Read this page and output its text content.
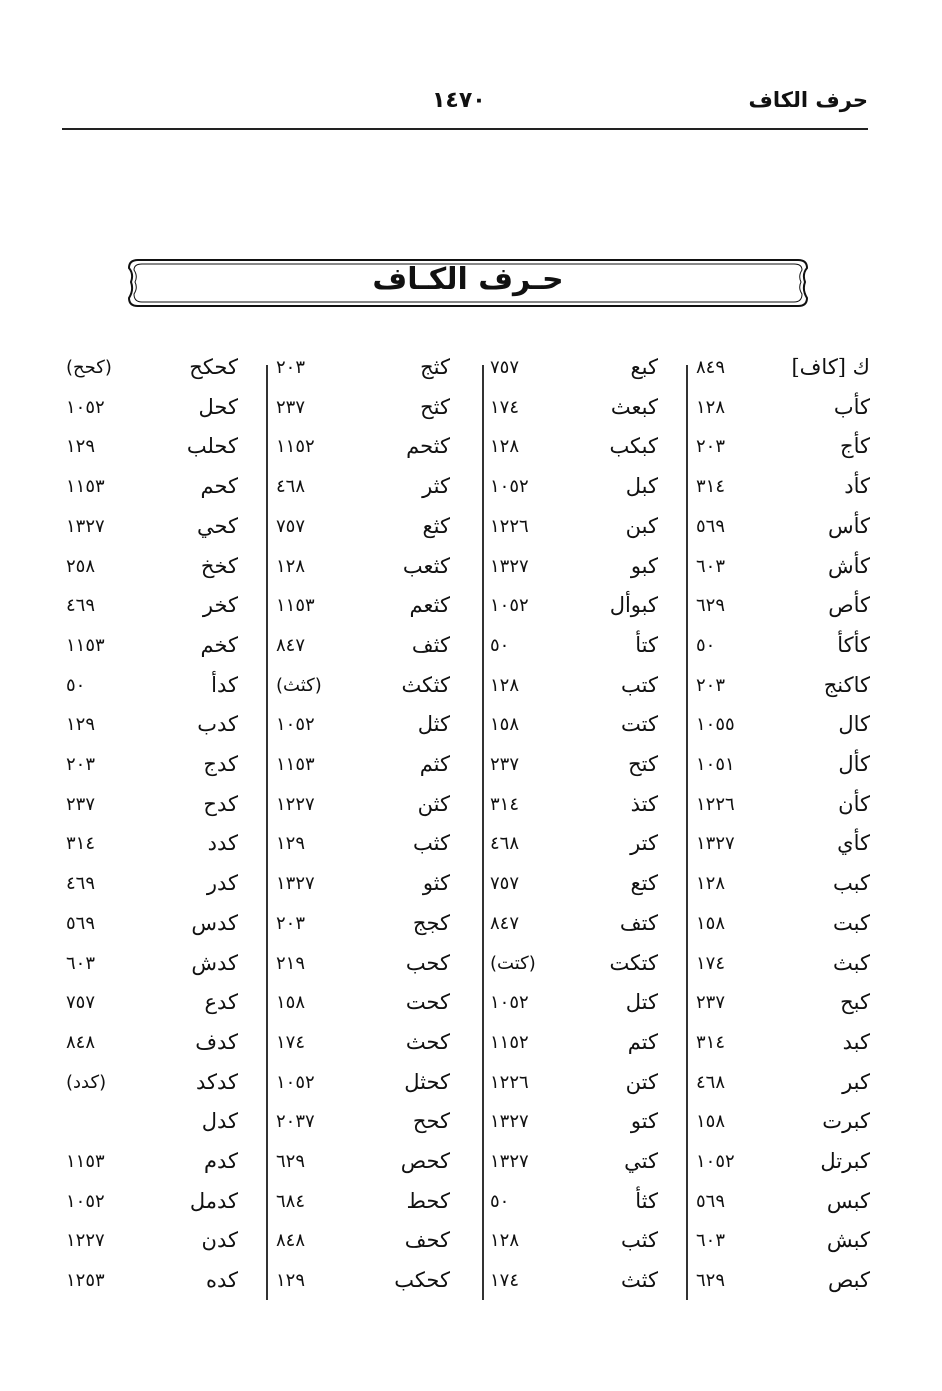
حرف الكاف
١٤٧٠
حـرف الكـاف
ك [كاف]
٨٤٩
كأب
١٢٨
كأج
٢٠٣
كأد
٣١٤
كأس
٥٦٩
كأش
٦٠٣
كأص
٦٢٩
كأكأ
٥٠
كاكنج
٢٠٣
كال
١٠٥٥
كأل
١٠٥١
كأن
١٢٢٦
كأي
١٣٢٧
كبب
١٢٨
كبت
١٥٨
كبث
١٧٤
كبح
٢٣٧
كبد
٣١٤
كبر
٤٦٨
كبرت
١٥٨
كبرتل
١٠٥٢
كبس
٥٦٩
كبش
٦٠٣
كبص
٦٢٩
كبع
٧٥٧
كبعث
١٧٤
كبكب
١٢٨
كبل
١٠٥٢
كبن
١٢٢٦
كبو
١٣٢٧
كبوأل
١٠٥٢
كتأ
٥٠
كتب
١٢٨
كتت
١٥٨
كتح
٢٣٧
كتذ
٣١٤
كتر
٤٦٨
كتع
٧٥٧
كتف
٨٤٧
كتكت
(كتت)
كتل
١٠٥٢
كتم
١١٥٢
كتن
١٢٢٦
كتو
١٣٢٧
كتي
١٣٢٧
كثأ
٥٠
كثب
١٢٨
كثث
١٧٤
كثج
٢٠٣
كثح
٢٣٧
كثحم
١١٥٢
كثر
٤٦٨
كثع
٧٥٧
كثعب
١٢٨
كثعم
١١٥٣
كثف
٨٤٧
كثكث
(كثث)
كثل
١٠٥٢
كثم
١١٥٣
كثن
١٢٢٧
كثب
١٢٩
كثو
١٣٢٧
كجج
٢٠٣
كحب
٢١٩
كحت
١٥٨
كحث
١٧٤
كحثل
١٠٥٢
كحح
٢٠٣٧
كحص
٦٢٩
كحط
٦٨٤
كحف
٨٤٨
كحكب
١٢٩
كحكح
(كحح)
كحل
١٠٥٢
كحلب
١٢٩
كحم
١١٥٣
كحي
١٣٢٧
كخخ
٢٥٨
كخر
٤٦٩
كخم
١١٥٣
كدأ
٥٠
كدب
١٢٩
كدج
٢٠٣
كدح
٢٣٧
كدد
٣١٤
كدر
٤٦٩
كدس
٥٦٩
كدش
٦٠٣
كدع
٧٥٧
كدف
٨٤٨
كدكد
(كدد)
كدل
كدم
١١٥٣
كدمل
١٠٥٢
كدن
١٢٢٧
كده
١٢٥٣
